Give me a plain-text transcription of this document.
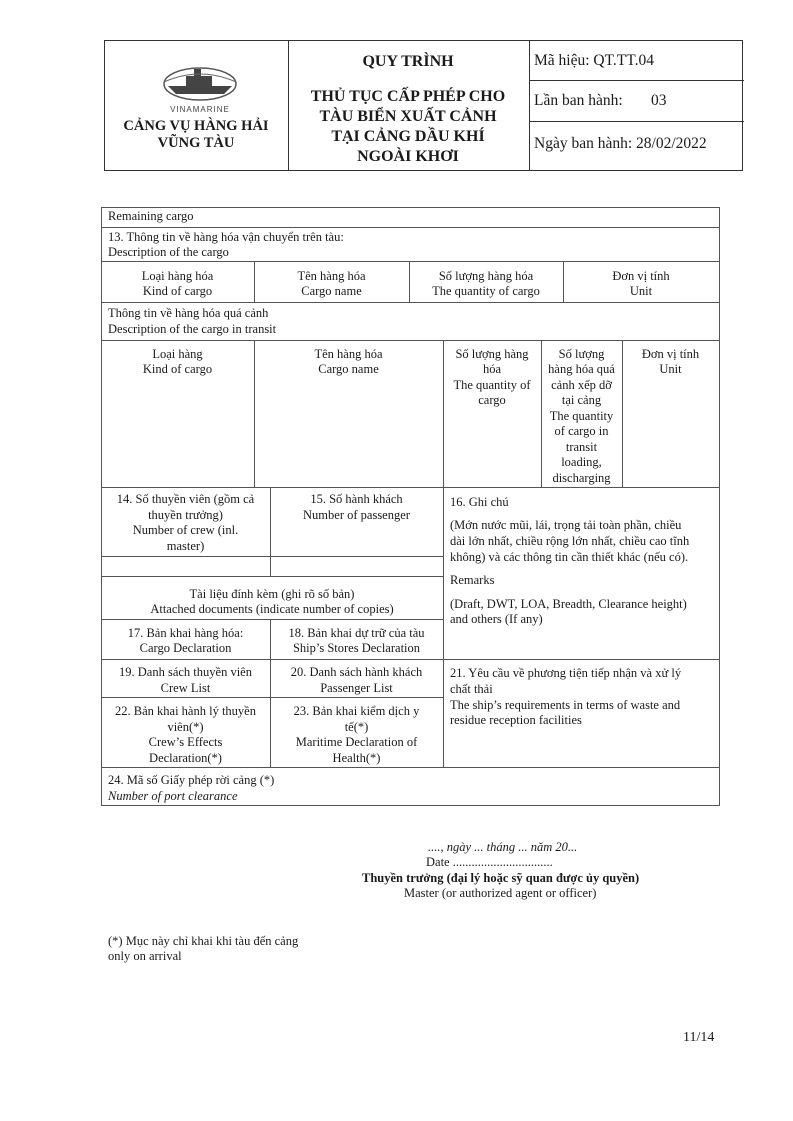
VINAMARINE
CẢNG VỤ HÀNG HẢI
VŨNG TÀU
QUY TRÌNH
THỦ TỤC CẤP PHÉP CHO
TÀU BIỂN XUẤT CẢNH
TẠI CẢNG DẦU KHÍ
NGOÀI KHƠI
Mã hiệu: QT.TT.04
Lần ban hành: 03
Ngày ban hành: 28/02/2022
Remaining cargo
13. Thông tin về hàng hóa vận chuyển trên tàu:
Description of the cargo
Loại hàng hóa
Kind of cargo
Tên hàng hóa
Cargo name
Số lượng hàng hóa
The quantity of cargo
Đơn vị tính
Unit
Thông tin về hàng hóa quá cảnh
Description of the cargo in transit
Loại hàng
Kind of cargo
Tên hàng hóa
Cargo name
Số lượng hàng
hóa
The quantity of
cargo
Số lượng
hàng hóa quá
cảnh xếp dỡ
tại cảng
The quantity
of cargo in
transit
loading,
discharging
Đơn vị tính
Unit
14. Số thuyền viên (gồm cả
thuyền trưởng)
Number of crew (inl.
master)
15. Số hành khách
Number of passenger
16. Ghi chú
(Mớn nước mũi, lái, trọng tải toàn phần, chiều
dài lớn nhất, chiều rộng lớn nhất, chiều cao tĩnh
không) và các thông tin cần thiết khác (nếu có).
Remarks
(Draft, DWT, LOA, Breadth, Clearance height)
and others (If any)
Tài liệu đính kèm (ghi rõ số bản)
Attached documents (indicate number of copies)
17. Bản khai hàng hóa:
Cargo Declaration
18. Bản khai dự trữ của tàu
Ship’s Stores Declaration
19. Danh sách thuyền viên
Crew List
20. Danh sách hành khách
Passenger List
21. Yêu cầu về phương tiện tiếp nhận và xử lý
chất thải
The ship’s requirements in terms of waste and
residue reception facilities
22. Bản khai hành lý thuyền
viên(*)
Crew’s Effects
Declaration(*)
23. Bản khai kiểm dịch y
tế(*)
Maritime Declaration of
Health(*)
24. Mã số Giấy phép rời cảng (*)
Number of port clearance
...., ngày ... tháng ... năm 20...
Date ................................
Thuyền trưởng (đại lý hoặc sỹ quan được ủy quyền)
Master (or authorized agent or officer)
(*) Mục này chỉ khai khi tàu đến cảng
only on arrival
11/14
